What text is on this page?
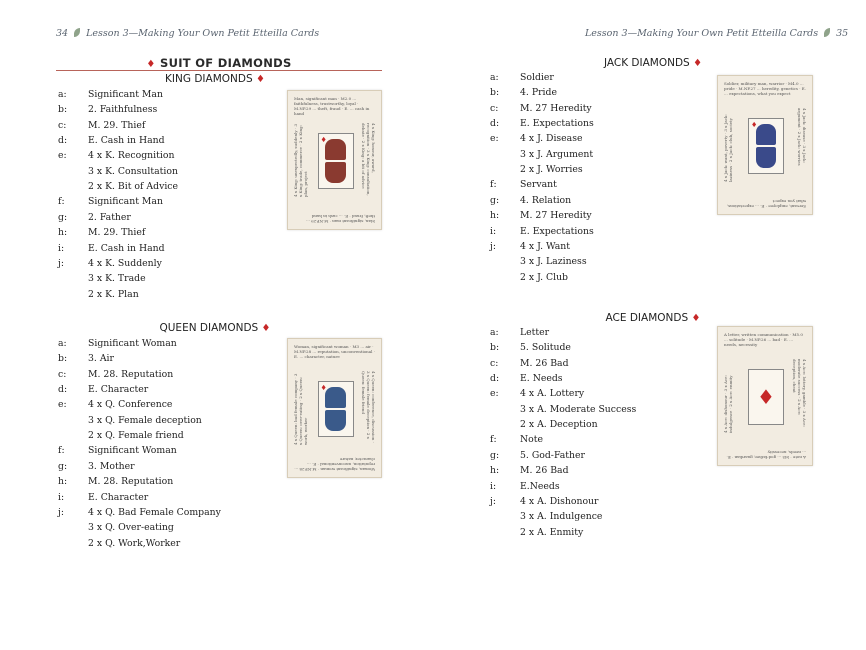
34 Lesson 3—Making Your Own Petit Etteilla Cards
♦ SUIT OF DIAMONDS
KING DIAMONDS ♦
a:	Significant Man
b:	2. Faithfulness
c:	M. 29. Thief
d:	E. Cash in Hand
e:	4 x K. Recognition
3 x K. Consultation
2 x K. Bit of Advice
f:	Significant Man
g:	2. Father
h:	M. 29. Thief
i:	E. Cash in Hand
j:	4 x K. Suddenly
3 x K. Trade
2 x K. Plan
Man, significant man · M2.0 ... faithfulness, trustworthy, loyal · M.NP.29 ... theft, fraud · E. ... cash in hand
Man, significant man · M.NP.29 ... theft, fraud · E. ... cash in hand
4 x King: unexpectedly, suddenly · 3 x King: trade, commerce · 2 x King: plan, project
4 x King: honour, award, recognition · 3 x King: consultation, debate · 2 x King: a bit of advice
♦
QUEEN DIAMONDS ♦
a:	Significant Woman
b:	3. Air
c:	M. 28. Reputation
d:	E. Character
e:	4 x Q. Conference
3 x Q. Female deception
2 x Q. Female friend
f:	Significant Woman
g:	3. Mother
h:	M. 28. Reputation
i:	E. Character
j:	4 x Q. Bad Female Company
3 x Q. Over-eating
2 x Q. Work,Worker
Woman, significant woman · M3 ... air · M.NP.28 ... reputation, unconventional · E. ... character, nature
Woman, significant woman · M.NP.28 ... reputation, unconventional · E. ... character, nature
4 x Queen: bad female company · 3 x Queen: over-eating · 2 x Queen: work, worker	4 x Queen: conference, discussion · 3 x Queen: female deception · 2 x Queen: female friend
♦
Lesson 3—Making Your Own Petit Etteilla Cards 35
JACK DIAMONDS ♦
a:	Soldier
b:	4. Pride
c:	M. 27 Heredity
d:	E. Expectations
e:	4 x J. Disease
3 x J. Argument
2 x J. Worries
f:	Servant
g:	4. Relation
h:	M. 27 Heredity
i:	E. Expectations
j:	4 x J. Want
3 x J. Laziness
2 x J. Club
Soldier, military man, warrior · M4.0 ... pride · M.NP.27 ... heredity, genetics · E. ... expectations, what you expect
Servant, employee · E. ... expectations, what you expect
4 x Jack: want, poverty · 3 x Jack: laziness · 2 x Jack: club, society	4 x Jack: disease · 3 x Jack: argument · 2 x Jack: worries
♦
ACE DIAMONDS ♦
a:	Letter
b:	5. Solitude
c:	M. 26 Bad
d:	E. Needs
e:	4 x A. Lottery
3 x A. Moderate Success
2 x A. Deception
f:	Note
g:	5. God-Father
h:	M. 26 Bad
i:	E.Needs
j:	4 x A. Dishonour
3 x A. Indulgence
2 x A. Enmity
A letter, written communication · M5.0 ... solitude · M.NP.26 ... bad · E. ... needs, necessity
A note · M5 ... god-father, guardian · E. ... needs, necessity
4 x Ace: dishonour · 3 x Ace: indulgence · 2 x Ace: enmity	4 x Ace: lottery, gamble · 3 x Ace: moderate success · 2 x Ace: deception, cheat
♦
